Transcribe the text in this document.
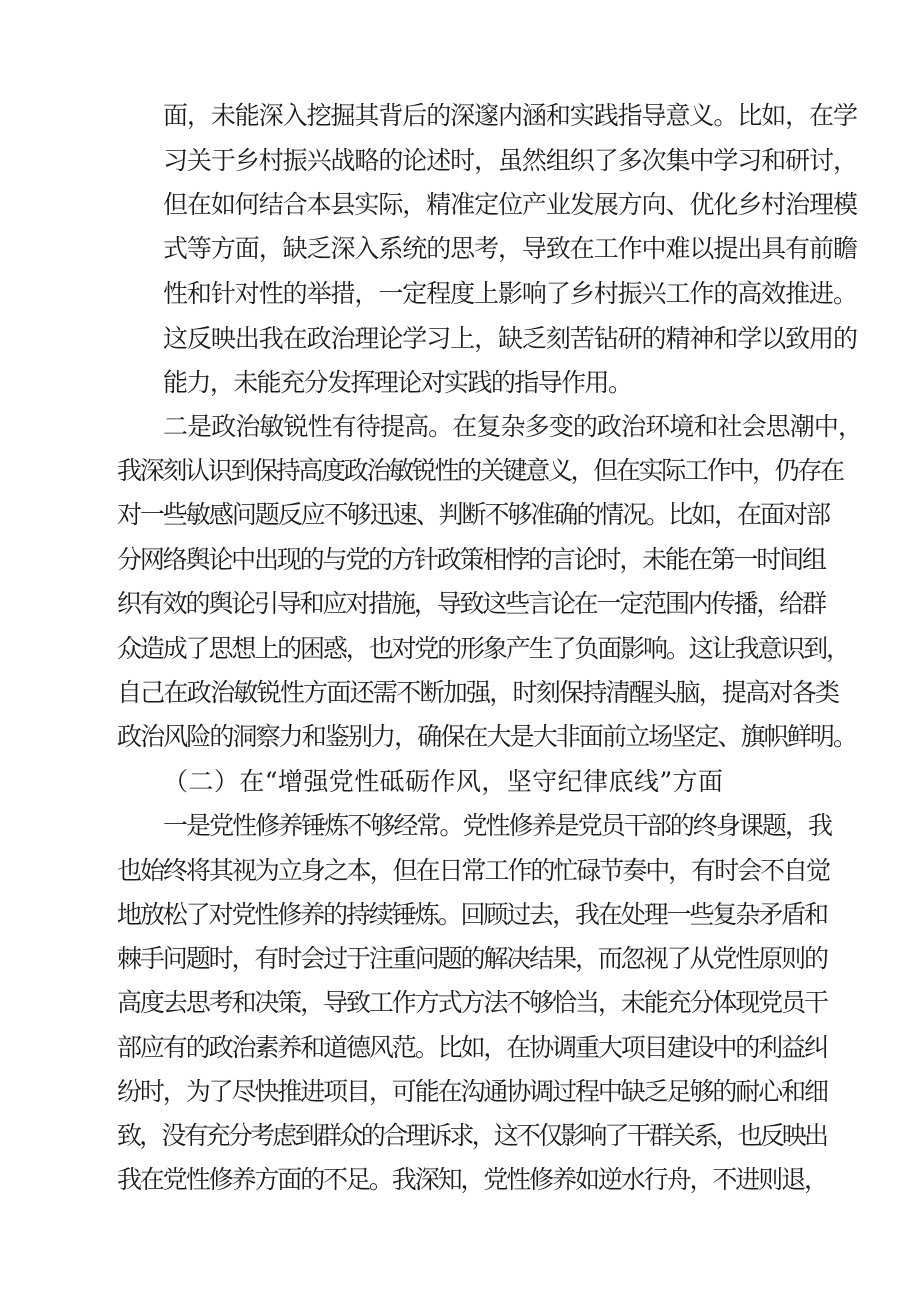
面，未能深入挖掘其背后的深邃内涵和实践指导意义。比如，在学
习关于乡村振兴战略的论述时，虽然组织了多次集中学习和研讨，
但在如何结合本县实际，精准定位产业发展方向、优化乡村治理模
式等方面，缺乏深入系统的思考，导致在工作中难以提出具有前瞻
性和针对性的举措，一定程度上影响了乡村振兴工作的高效推进。
这反映出我在政治理论学习上，缺乏刻苦钻研的精神和学以致用的
能力，未能充分发挥理论对实践的指导作用。
二是政治敏锐性有待提高。在复杂多变的政治环境和社会思潮中，
我深刻认识到保持高度政治敏锐性的关键意义，但在实际工作中，仍存在
对一些敏感问题反应不够迅速、判断不够准确的情况。比如，在面对部
分网络舆论中出现的与党的方针政策相悖的言论时，未能在第一时间组
织有效的舆论引导和应对措施，导致这些言论在一定范围内传播，给群
众造成了思想上的困惑，也对党的形象产生了负面影响。这让我意识到，
自己在政治敏锐性方面还需不断加强，时刻保持清醒头脑，提高对各类
政治风险的洞察力和鉴别力，确保在大是大非面前立场坚定、旗帜鲜明。
（二）在“增强党性砥砺作风，坚守纪律底线”方面
一是党性修养锤炼不够经常。党性修养是党员干部的终身课题，我
也始终将其视为立身之本，但在日常工作的忙碌节奏中，有时会不自觉
地放松了对党性修养的持续锤炼。回顾过去，我在处理一些复杂矛盾和
棘手问题时，有时会过于注重问题的解决结果，而忽视了从党性原则的
高度去思考和决策，导致工作方式方法不够恰当，未能充分体现党员干
部应有的政治素养和道德风范。比如，在协调重大项目建设中的利益纠
纷时，为了尽快推进项目，可能在沟通协调过程中缺乏足够的耐心和细
致，没有充分考虑到群众的合理诉求，这不仅影响了干群关系，也反映出
我在党性修养方面的不足。我深知，党性修养如逆水行舟，不进则退，
